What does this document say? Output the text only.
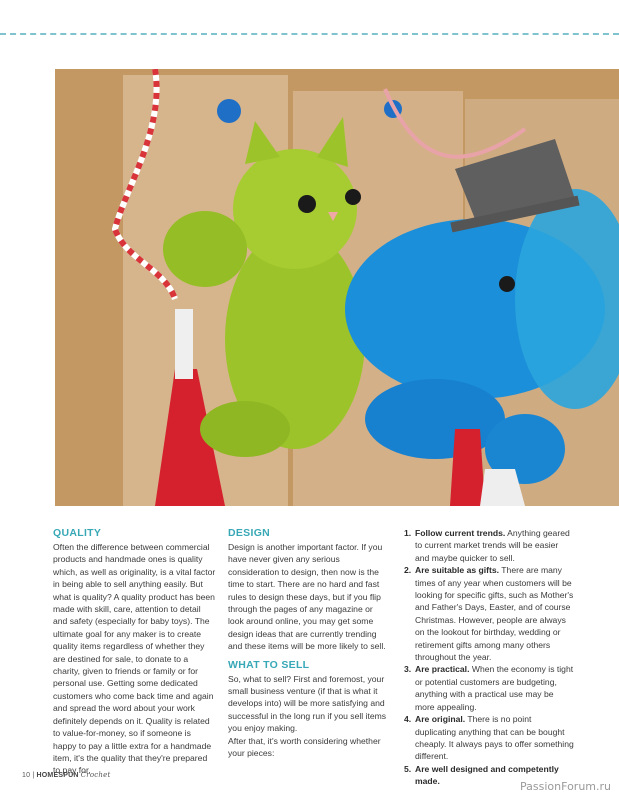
QUALITY

Often the difference between commercial products and handmade ones is quality which, as well as originality, is a vital factor in being able to sell anything easily. But what is quality? A quality product has been made with skill, care, attention to detail and safety (especially for baby toys). The ultimate goal for any maker is to create quality items regardless of whether they are destined for sale, to donate to a charity, given to friends or family or for personal use. Getting some dedicated customers who come back time and again and spread the word about your work definitely depends on it. Quality is related to value-for-money, so if someone is happy to pay a little extra for a handmade item, it's the quality that they're prepared to pay for.

DESIGN

Design is another important factor. If you have never given any serious consideration to design, then now is the time to start. There are no hard and fast rules to design these days, but if you flip through the pages of any magazine or look around online, you may get some design ideas that are currently trending and these items will be more likely to sell.

WHAT TO SELL

So, what to sell? First and foremost, your small business venture (if that is what it develops into) will be more satisfying and successful in the long run if you sell items you enjoy making.

After that, it's worth considering whether your pieces:

1. Follow current trends. Anything geared to current market trends will be easier and maybe quicker to sell.
2. Are suitable as gifts. There are many times of any year when customers will be looking for specific gifts, such as Mother's and Father's Days, Easter, and of course Christmas. However, people are always on the lookout for birthday, wedding or retirement gifts among many others throughout the year.
3. Are practical. When the economy is tight or potential customers are budgeting, anything with a practical use may be more appealing.
4. Are original. There is no point duplicating anything that can be bought cheaply. It always pays to offer something different.
5. Are well designed and competently made.
10 | HOMESPUN Crochet
PassionForum.ru
